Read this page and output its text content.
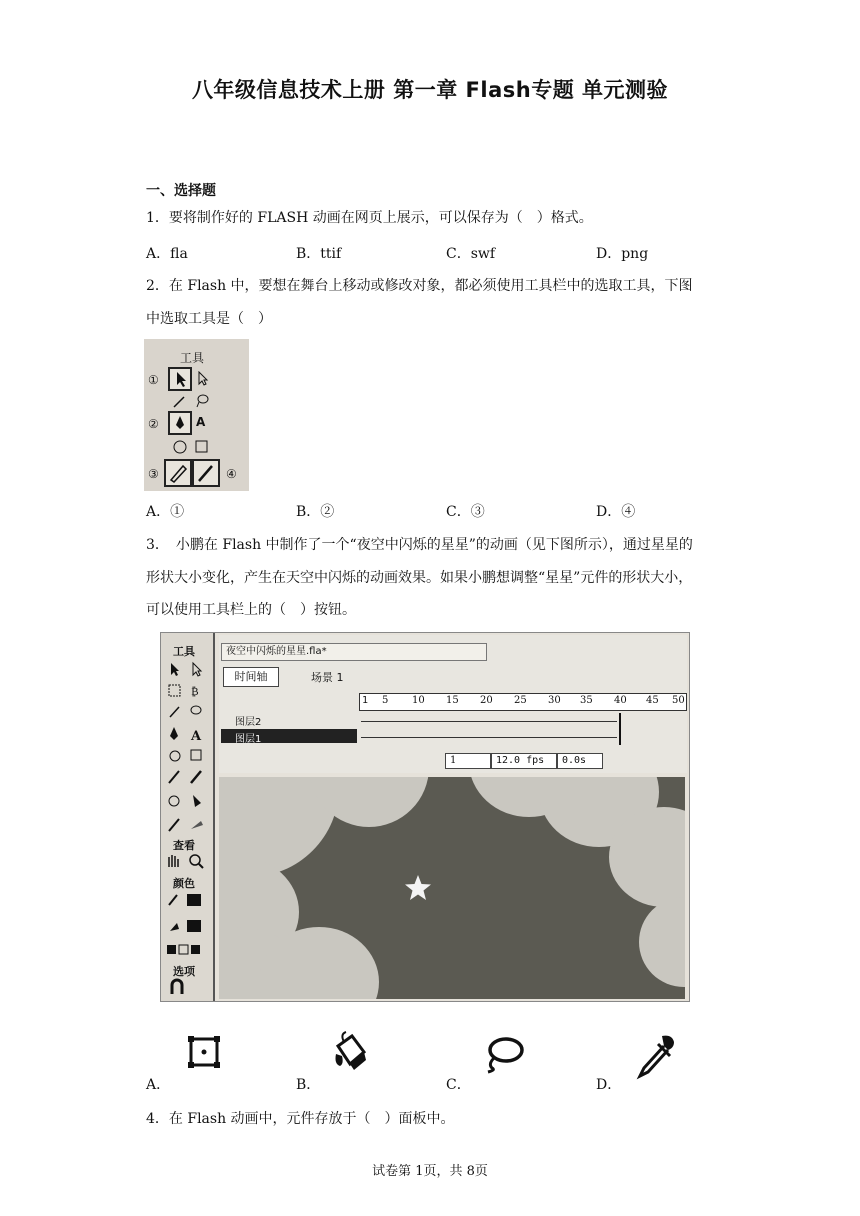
八年级信息技术上册 第一章 Flash专题 单元测验
一、选择题
1．要将制作好的 FLASH 动画在网页上展示，可以保存为（　）格式。
A．fla	B．ttif	C．swf	D．png
2．在 Flash 中，要想在舞台上移动或修改对象，都必须使用工具栏中的选取工具，下图
中选取工具是（　）
工具
①
②	A
③	④
A．①	B．②	C．③	D．④
3．　小鹏在 Flash 中制作了一个“夜空中闪烁的星星”的动画（见下图所示），通过星星的
形状大小变化，产生在天空中闪烁的动画效果。如果小鹏想调整“星星”元件的形状大小，
可以使用工具栏上的（　）按钮。
工具
₿
A
查看
颜色
选项
夜空中闪烁的星星.fla*
时间轴	场景 1
1 5 10 15 20 25 30 35 40 45 50
图层2
图层1
1	12.0 fps	0.0s
A．	B．	C．	D．
4．在 Flash 动画中，元件存放于（　）面板中。
试卷第 1页，共 8页
